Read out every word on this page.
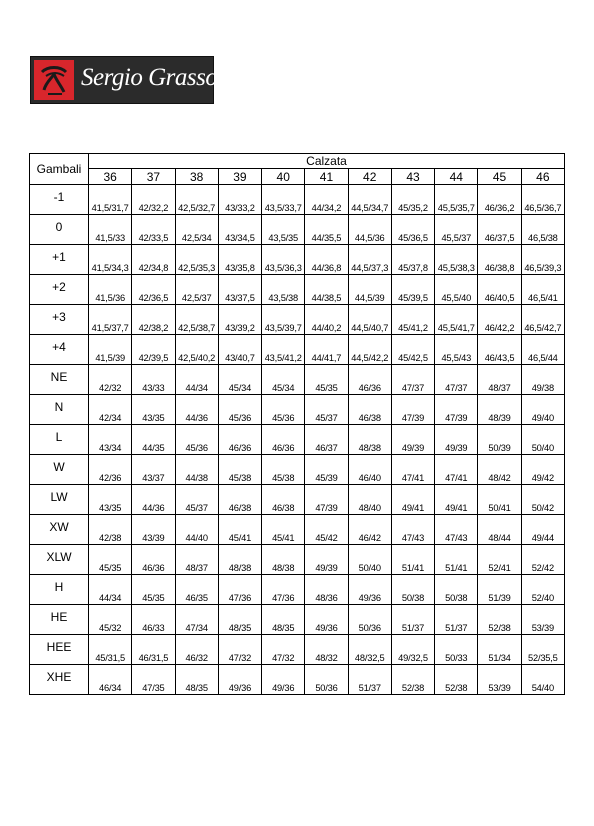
Sergio Grasso
Gambali	Calzata										
	36	37	38	39	40	41	42	43	44	45	46
-1	41,5/31,7	42/32,2	42,5/32,7	43/33,2	43,5/33,7	44/34,2	44,5/34,7	45/35,2	45,5/35,7	46/36,2	46,5/36,7
0	41,5/33	42/33,5	42,5/34	43/34,5	43,5/35	44/35,5	44,5/36	45/36,5	45,5/37	46/37,5	46,5/38
+1	41,5/34,3	42/34,8	42,5/35,3	43/35,8	43,5/36,3	44/36,8	44,5/37,3	45/37,8	45,5/38,3	46/38,8	46,5/39,3
+2	41,5/36	42/36,5	42,5/37	43/37,5	43,5/38	44/38,5	44,5/39	45/39,5	45,5/40	46/40,5	46,5/41
+3	41,5/37,7	42/38,2	42,5/38,7	43/39,2	43,5/39,7	44/40,2	44,5/40,7	45/41,2	45,5/41,7	46/42,2	46,5/42,7
+4	41,5/39	42/39,5	42,5/40,2	43/40,7	43,5/41,2	44/41,7	44,5/42,2	45/42,5	45,5/43	46/43,5	46,5/44
NE	42/32	43/33	44/34	45/34	45/34	45/35	46/36	47/37	47/37	48/37	49/38
N	42/34	43/35	44/36	45/36	45/36	45/37	46/38	47/39	47/39	48/39	49/40
L	43/34	44/35	45/36	46/36	46/36	46/37	48/38	49/39	49/39	50/39	50/40
W	42/36	43/37	44/38	45/38	45/38	45/39	46/40	47/41	47/41	48/42	49/42
LW	43/35	44/36	45/37	46/38	46/38	47/39	48/40	49/41	49/41	50/41	50/42
XW	42/38	43/39	44/40	45/41	45/41	45/42	46/42	47/43	47/43	48/44	49/44
XLW	45/35	46/36	48/37	48/38	48/38	49/39	50/40	51/41	51/41	52/41	52/42
H	44/34	45/35	46/35	47/36	47/36	48/36	49/36	50/38	50/38	51/39	52/40
HE	45/32	46/33	47/34	48/35	48/35	49/36	50/36	51/37	51/37	52/38	53/39
HEE	45/31,5	46/31,5	46/32	47/32	47/32	48/32	48/32,5	49/32,5	50/33	51/34	52/35,5
XHE	46/34	47/35	48/35	49/36	49/36	50/36	51/37	52/38	52/38	53/39	54/40
